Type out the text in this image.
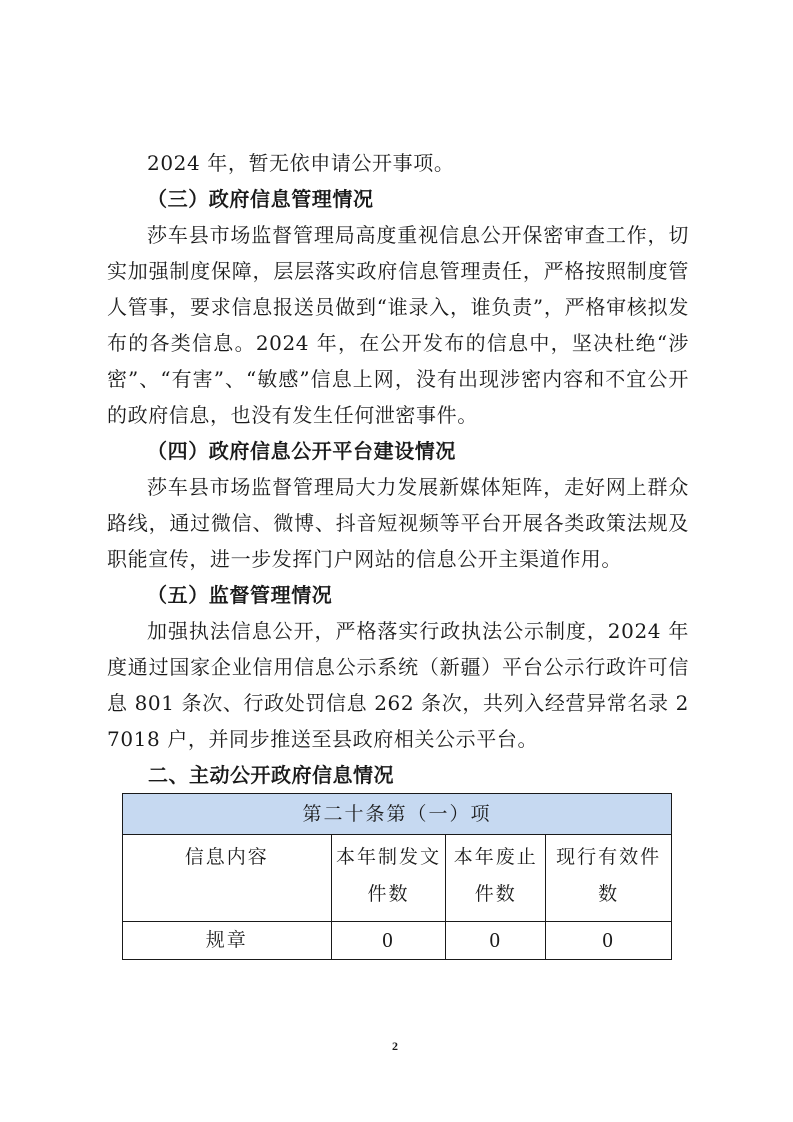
2024 年，暂无依申请公开事项。

（三）政府信息管理情况

莎车县市场监督管理局高度重视信息公开保密审查工作，切实加强制度保障，层层落实政府信息管理责任，严格按照制度管人管事，要求信息报送员做到“谁录入，谁负责”，严格审核拟发布的各类信息。2024 年，在公开发布的信息中，坚决杜绝“涉密”、“有害”、“敏感”信息上网，没有出现涉密内容和不宜公开的政府信息，也没有发生任何泄密事件。

（四）政府信息公开平台建设情况

莎车县市场监督管理局大力发展新媒体矩阵，走好网上群众路线，通过微信、微博、抖音短视频等平台开展各类政策法规及职能宣传，进一步发挥门户网站的信息公开主渠道作用。

（五）监督管理情况

加强执法信息公开，严格落实行政执法公示制度，2024 年度通过国家企业信用信息公示系统（新疆）平台公示行政许可信息 801 条次、行政处罚信息 262 条次，共列入经营异常名录 27018 户，并同步推送至县政府相关公示平台。

二、主动公开政府信息情况
第二十条第（一）项			
信息内容	本年制发文件数	本年废止件数	现行有效件数
规章	0	0	0
2
